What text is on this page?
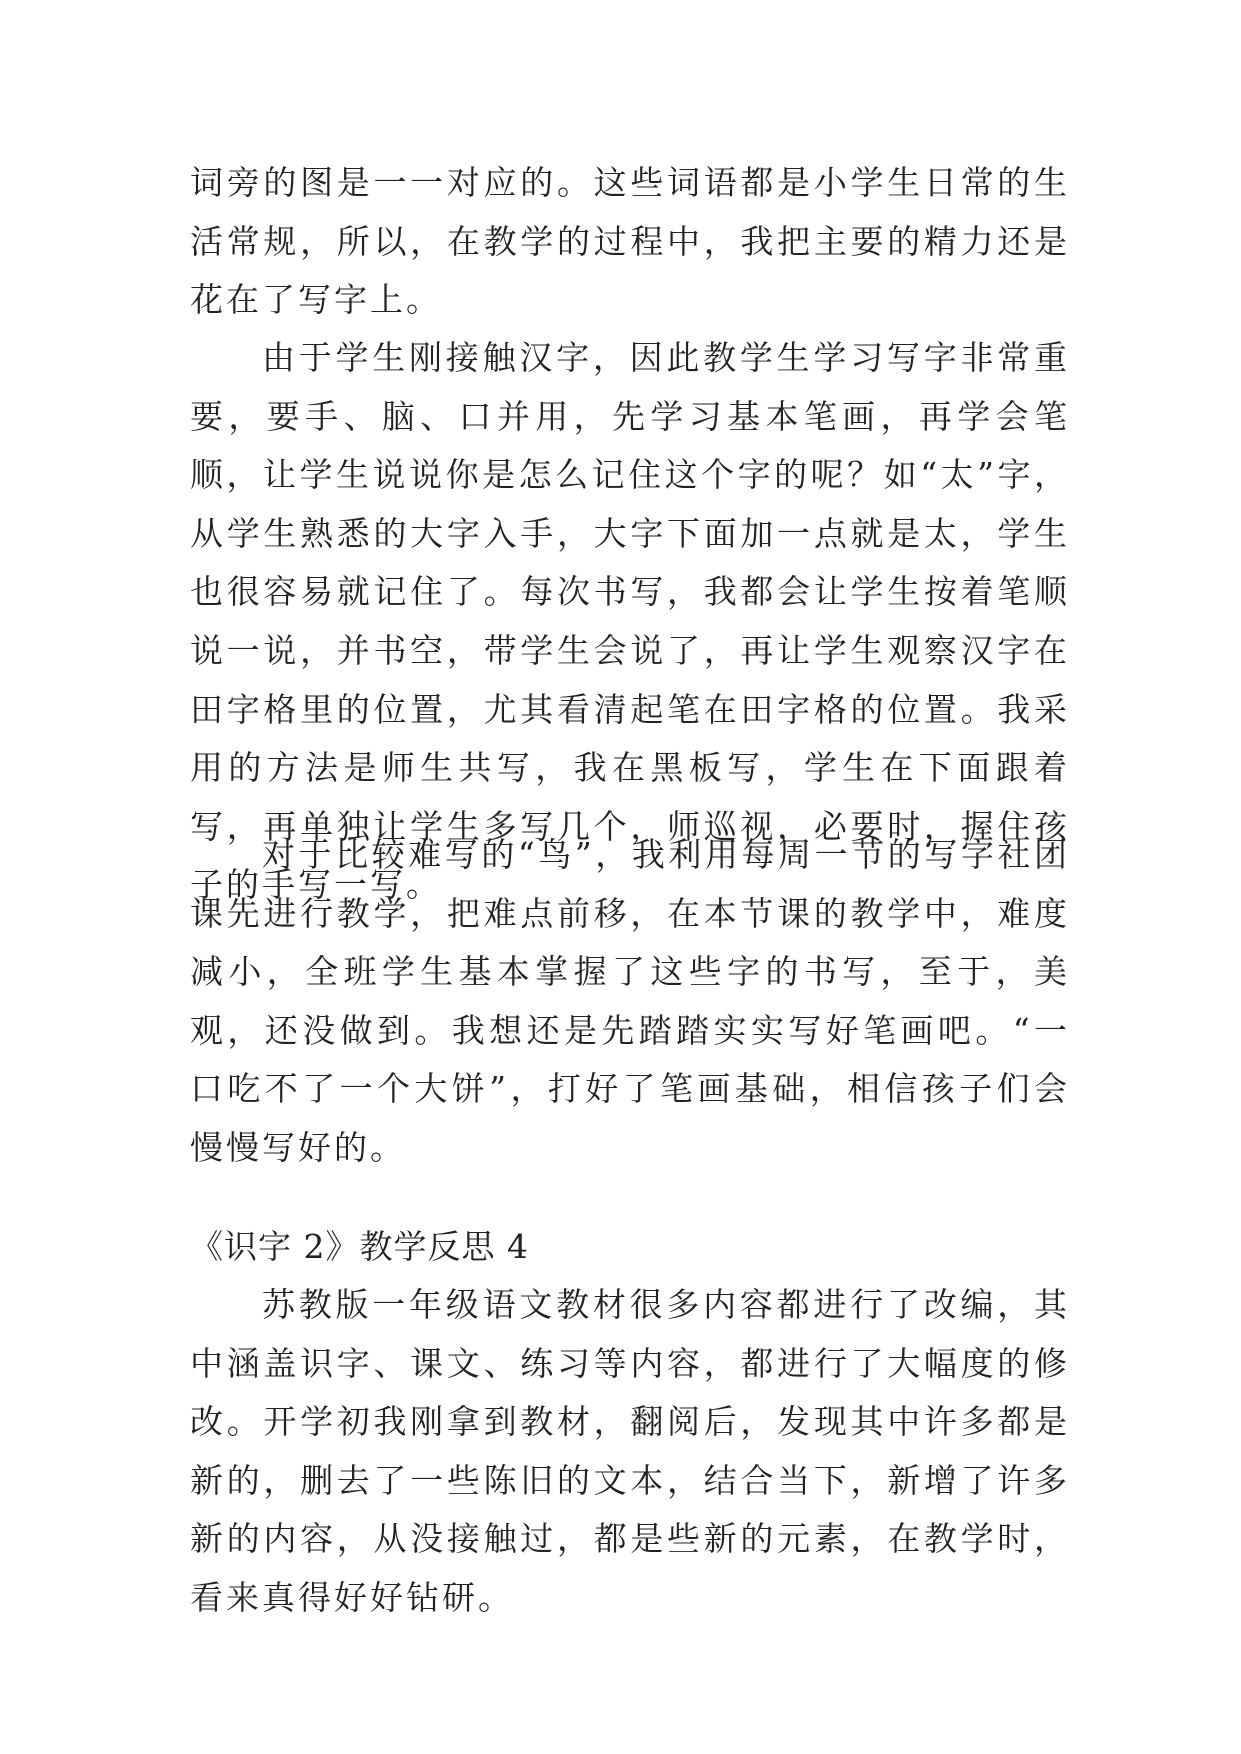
词旁的图是一一对应的。这些词语都是小学生日常的生活常规，所以，在教学的过程中，我把主要的精力还是花在了写字上。

由于学生刚接触汉字，因此教学生学习写字非常重要，要手、脑、口并用，先学习基本笔画，再学会笔顺，让学生说说你是怎么记住这个字的呢？如“太”字，从学生熟悉的大字入手，大字下面加一点就是太，学生也很容易就记住了。每次书写，我都会让学生按着笔顺说一说，并书空，带学生会说了，再让学生观察汉字在田字格里的位置，尤其看清起笔在田字格的位置。我采用的方法是师生共写，我在黑板写，学生在下面跟着写，再单独让学生多写几个，师巡视，必要时，握住孩子的手写一写。

对于比较难写的“鸟”，我利用每周一节的写字社团课先进行教学，把难点前移，在本节课的教学中，难度减小，全班学生基本掌握了这些字的书写，至于，美观，还没做到。我想还是先踏踏实实写好笔画吧。“一口吃不了一个大饼”，打好了笔画基础，相信孩子们会慢慢写好的。

《识字 2》教学反思 4

苏教版一年级语文教材很多内容都进行了改编，其中涵盖识字、课文、练习等内容，都进行了大幅度的修改。开学初我刚拿到教材，翻阅后，发现其中许多都是新的，删去了一些陈旧的文本，结合当下，新增了许多新的内容，从没接触过，都是些新的元素，在教学时，看来真得好好钻研。
